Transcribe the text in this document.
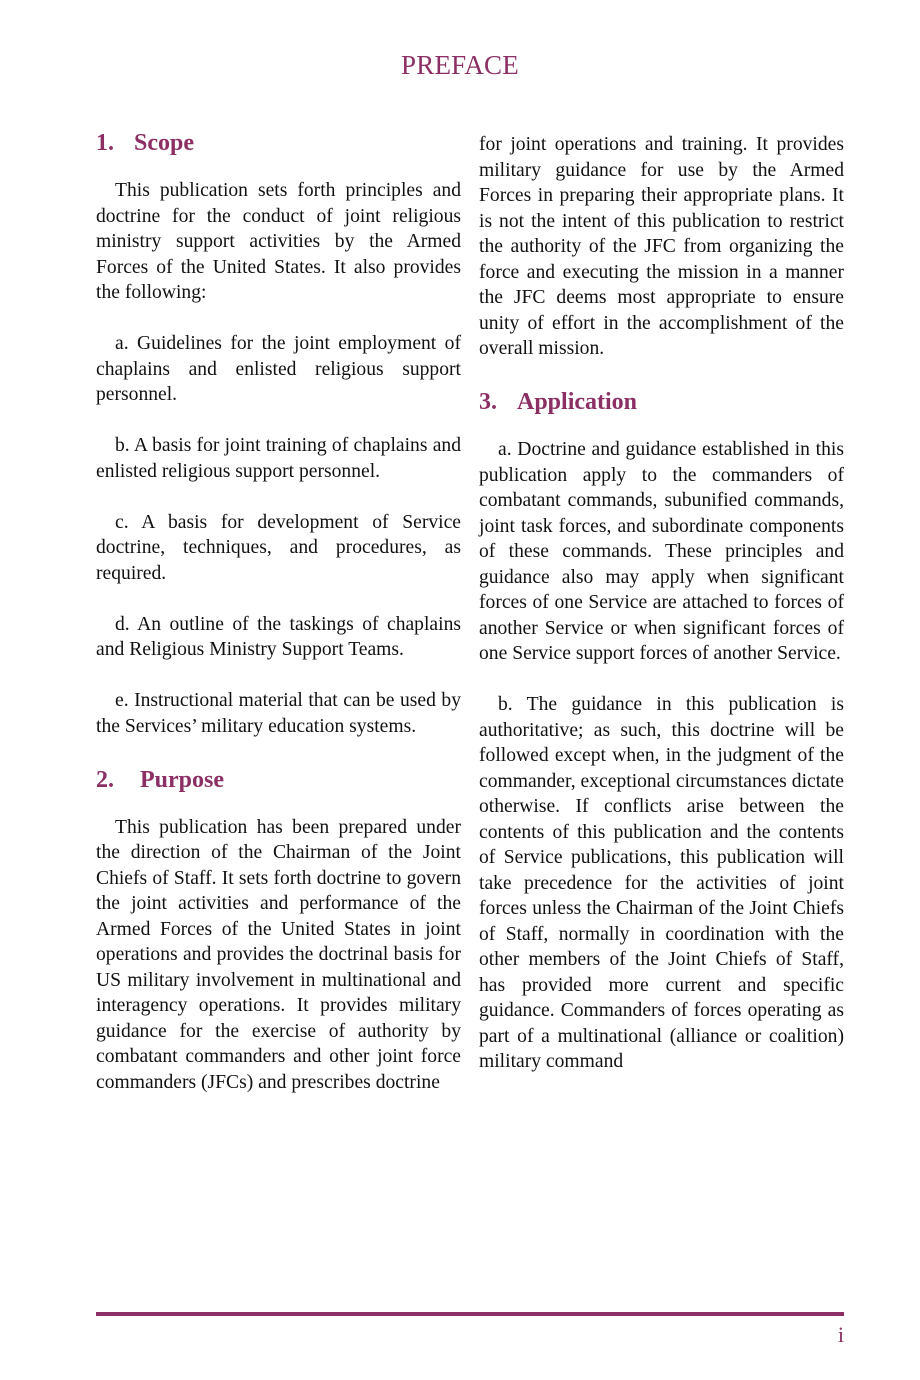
PREFACE
1. Scope

This publication sets forth principles and doctrine for the conduct of joint religious ministry support activities by the Armed Forces of the United States. It also provides the following:

a. Guidelines for the joint employment of chaplains and enlisted religious support personnel.

b. A basis for joint training of chaplains and enlisted religious support personnel.

c. A basis for development of Service doctrine, techniques, and procedures, as required.

d. An outline of the taskings of chaplains and Religious Ministry Support Teams.

e. Instructional material that can be used by the Services’ military education systems.

2. Purpose

This publication has been prepared under the direction of the Chairman of the Joint Chiefs of Staff. It sets forth doctrine to govern the joint activities and performance of the Armed Forces of the United States in joint operations and provides the doctrinal basis for US military involvement in multinational and interagency operations. It provides military guidance for the exercise of authority by combatant commanders and other joint force commanders (JFCs) and prescribes doctrine

for joint operations and training. It provides military guidance for use by the Armed Forces in preparing their appropriate plans. It is not the intent of this publication to restrict the authority of the JFC from organizing the force and executing the mission in a manner the JFC deems most appropriate to ensure unity of effort in the accomplishment of the overall mission.

3. Application

a. Doctrine and guidance established in this publication apply to the commanders of combatant commands, subunified commands, joint task forces, and subordinate components of these commands. These principles and guidance also may apply when significant forces of one Service are attached to forces of another Service or when significant forces of one Service support forces of another Service.

b. The guidance in this publication is authoritative; as such, this doctrine will be followed except when, in the judgment of the commander, exceptional circumstances dictate otherwise. If conflicts arise between the contents of this publication and the contents of Service publications, this publication will take precedence for the activities of joint forces unless the Chairman of the Joint Chiefs of Staff, normally in coordination with the other members of the Joint Chiefs of Staff, has provided more current and specific guidance. Commanders of forces operating as part of a multinational (alliance or coalition) military command

i
